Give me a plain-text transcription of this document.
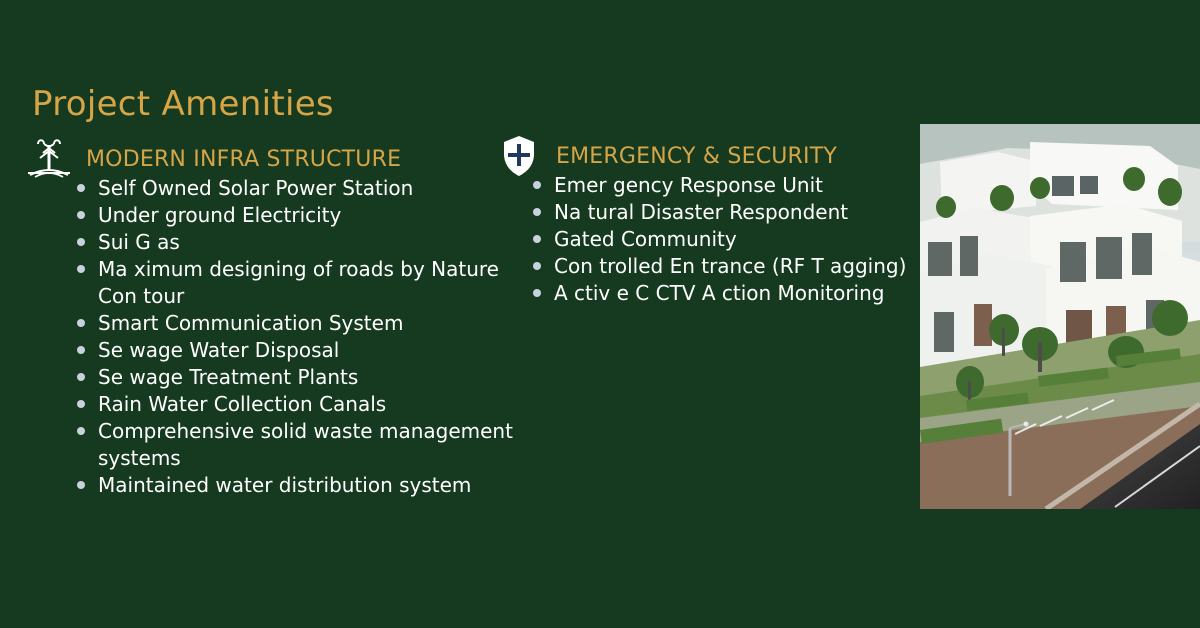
Project Amenities
MODERN INFRA STRUCTURE
Self Owned Solar Power Station
Under ground Electricity
Sui G as
Ma ximum designing of roads by Nature Con tour
Smart Communication System
Se wage Water Disposal
Se wage Treatment Plants
Rain Water Collection Canals
Comprehensive solid waste management systems
Maintained water distribution system
EMERGENCY & SECURITY
Emer gency Response Unit
Na tural Disaster Respondent
Gated Community
Con trolled En trance (RF T agging)
A ctiv e C CTV A ction Monitoring
